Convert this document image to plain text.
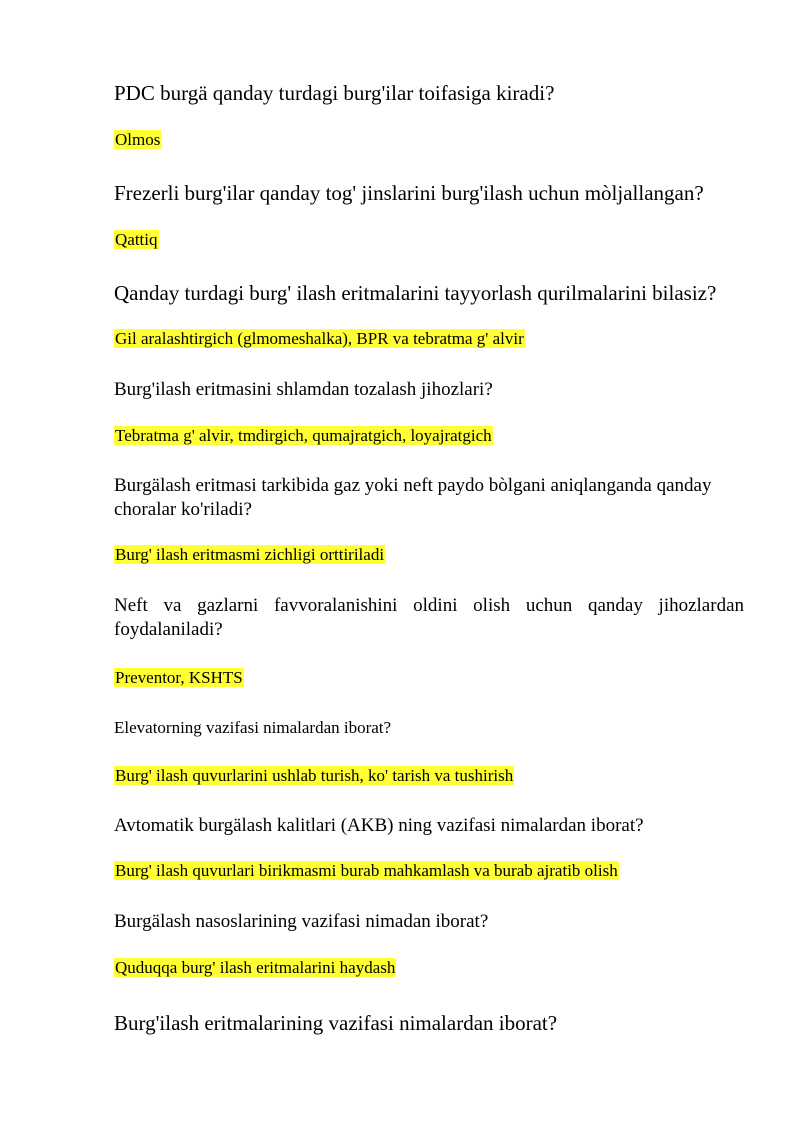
PDC burgä qanday turdagi burg'ilar toifasiga kiradi?
Olmos
Frezerli burg'ilar qanday tog' jinslarini burg'ilash uchun mòljallangan?
Qattiq
Qanday turdagi burg' ilash eritmalarini tayyorlash qurilmalarini bilasiz?
Gil aralashtirgich (glmomeshalka), BPR va tebratma g' alvir
Burg'ilash eritmasini shlamdan tozalash jihozlari?
Tebratma g' alvir, tmdirgich, qumajratgich, loyajratgich
Burgälash eritmasi tarkibida gaz yoki neft paydo bòlgani aniqlanganda qanday choralar ko'riladi?
Burg' ilash eritmasmi zichligi orttiriladi
Neft va gazlarni favvoralanishini oldini olish uchun qanday jihozlardan foydalaniladi?
Preventor, KSHTS
Elevatorning vazifasi nimalardan iborat?
Burg' ilash quvurlarini ushlab turish, ko' tarish va tushirish
Avtomatik burgälash kalitlari (AKB) ning vazifasi nimalardan iborat?
Burg' ilash quvurlari birikmasmi burab mahkamlash va burab ajratib olish
Burgälash nasoslarining vazifasi nimadan iborat?
Quduqqa burg' ilash eritmalarini haydash
Burg'ilash eritmalarining vazifasi nimalardan iborat?
